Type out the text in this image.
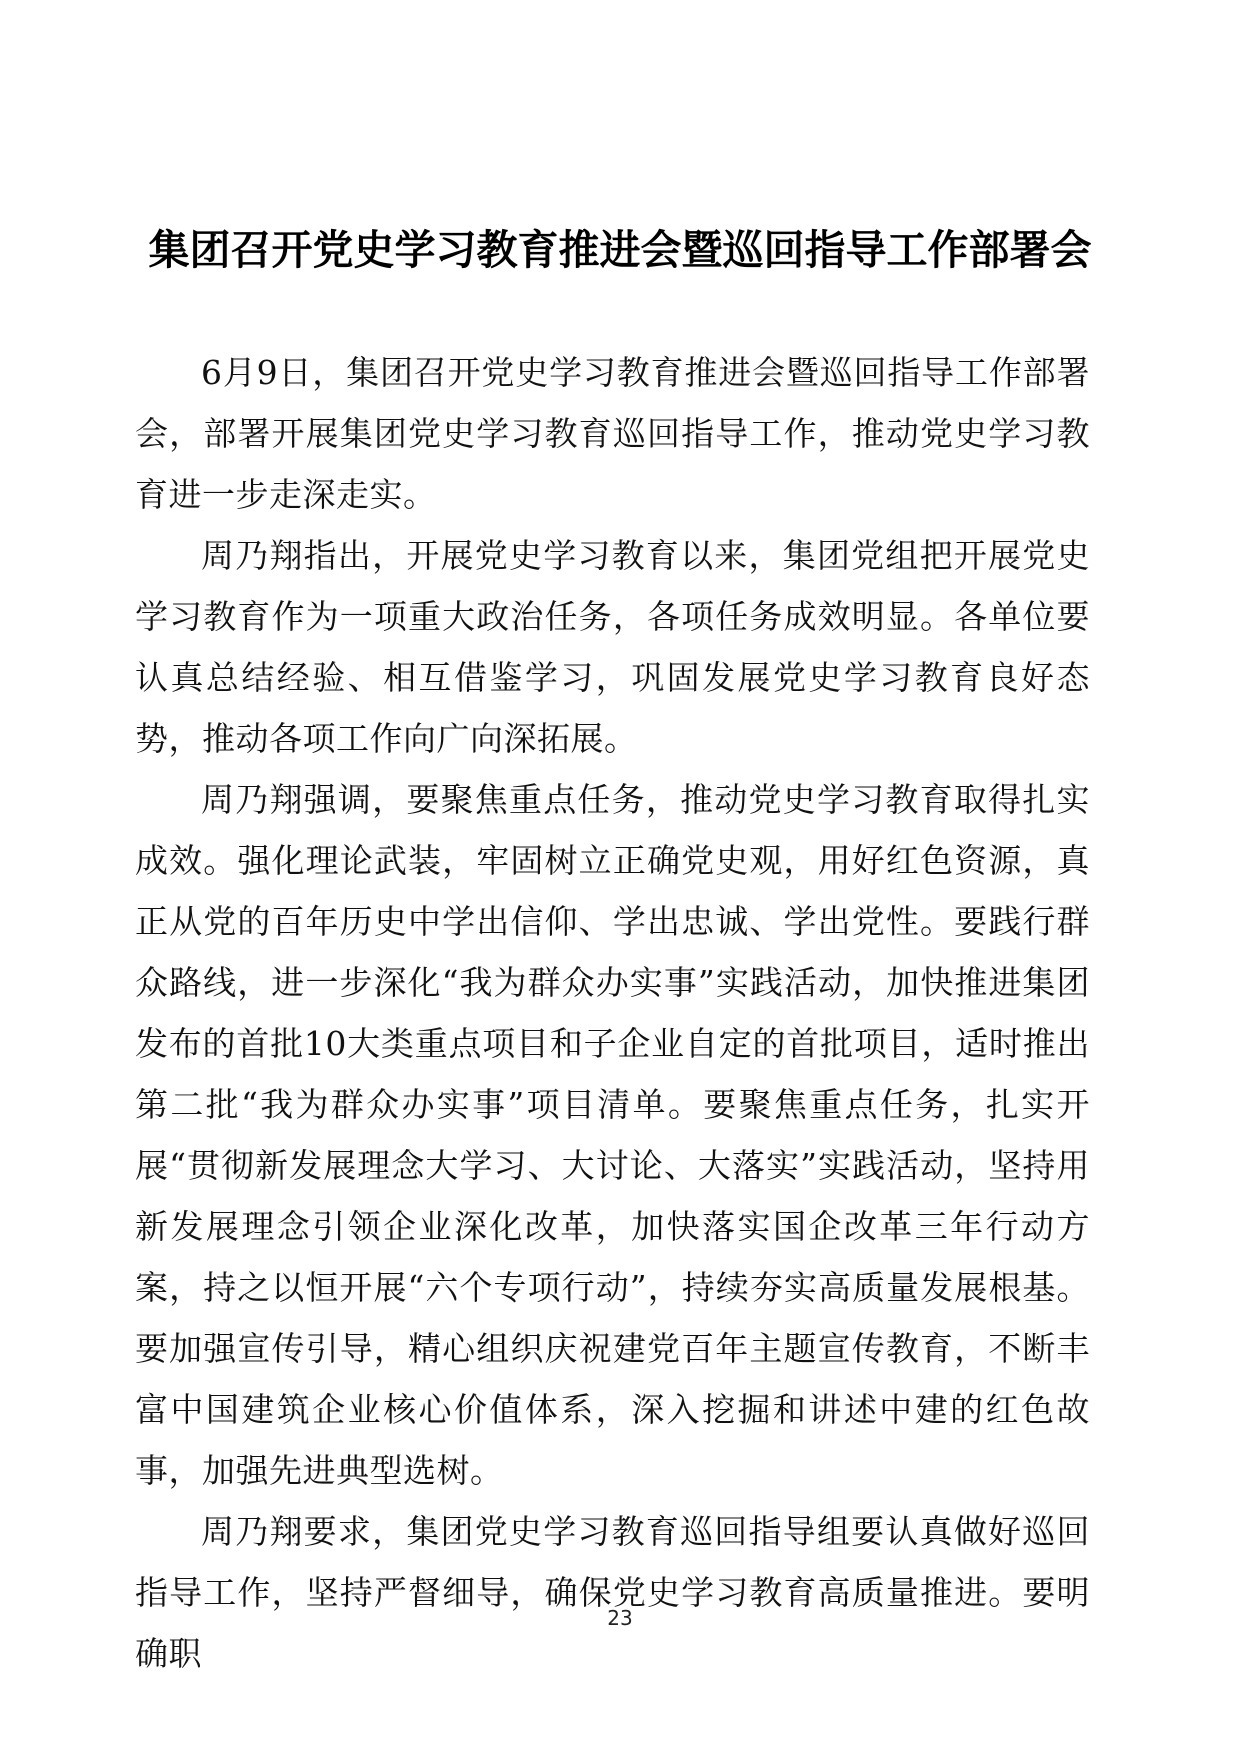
集团召开党史学习教育推进会暨巡回指导工作部署会

6月9日，集团召开党史学习教育推进会暨巡回指导工作部署会，部署开展集团党史学习教育巡回指导工作，推动党史学习教育进一步走深走实。

周乃翔指出，开展党史学习教育以来，集团党组把开展党史学习教育作为一项重大政治任务，各项任务成效明显。各单位要认真总结经验、相互借鉴学习，巩固发展党史学习教育良好态势，推动各项工作向广向深拓展。

周乃翔强调，要聚焦重点任务，推动党史学习教育取得扎实成效。强化理论武装，牢固树立正确党史观，用好红色资源，真正从党的百年历史中学出信仰、学出忠诚、学出党性。要践行群众路线，进一步深化“我为群众办实事”实践活动，加快推进集团发布的首批10大类重点项目和子企业自定的首批项目，适时推出第二批“我为群众办实事”项目清单。要聚焦重点任务，扎实开展“贯彻新发展理念大学习、大讨论、大落实”实践活动，坚持用新发展理念引领企业深化改革，加快落实国企改革三年行动方案，持之以恒开展“六个专项行动”，持续夯实高质量发展根基。要加强宣传引导，精心组织庆祝建党百年主题宣传教育，不断丰富中国建筑企业核心价值体系，深入挖掘和讲述中建的红色故事，加强先进典型选树。

周乃翔要求，集团党史学习教育巡回指导组要认真做好巡回指导工作，坚持严督细导，确保党史学习教育高质量推进。要明确职

23
